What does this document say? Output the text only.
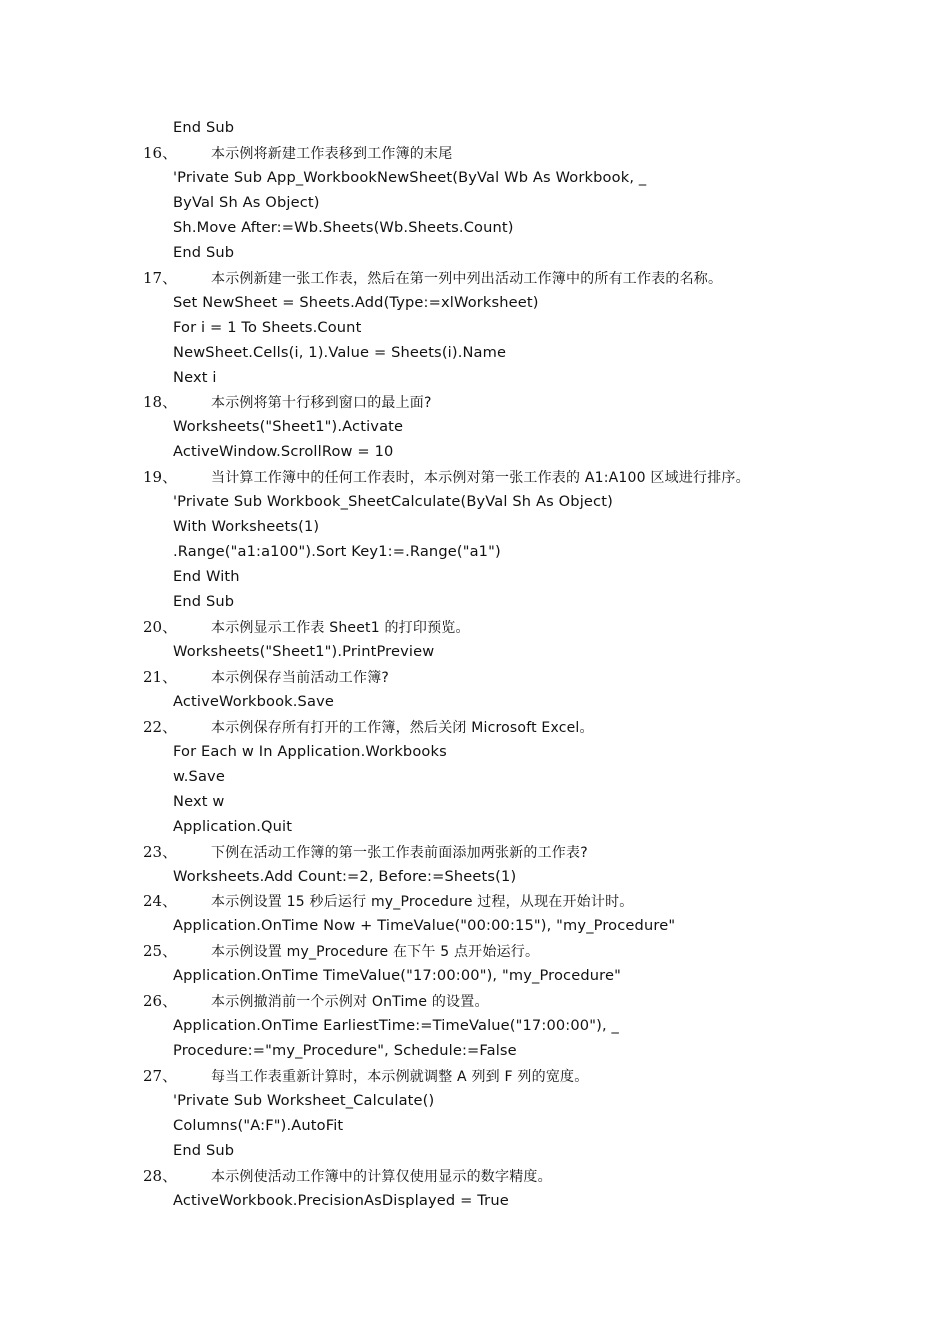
End Sub
16、 本示例将新建工作表移到工作簿的末尾
'Private Sub App_WorkbookNewSheet(ByVal Wb As Workbook, _
ByVal Sh As Object)
Sh.Move After:=Wb.Sheets(Wb.Sheets.Count)
End Sub
17、 本示例新建一张工作表，然后在第一列中列出活动工作簿中的所有工作表的名称。
Set NewSheet = Sheets.Add(Type:=xlWorksheet)
For i = 1 To Sheets.Count
NewSheet.Cells(i, 1).Value = Sheets(i).Name
Next i
18、 本示例将第十行移到窗口的最上面?
Worksheets("Sheet1").Activate
ActiveWindow.ScrollRow = 10
19、 当计算工作簿中的任何工作表时，本示例对第一张工作表的 A1:A100 区域进行排序。
'Private Sub Workbook_SheetCalculate(ByVal Sh As Object)
With Worksheets(1)
.Range("a1:a100").Sort Key1:=.Range("a1")
End With
End Sub
20、 本示例显示工作表 Sheet1 的打印预览。
Worksheets("Sheet1").PrintPreview
21、 本示例保存当前活动工作簿?
ActiveWorkbook.Save
22、 本示例保存所有打开的工作簿，然后关闭 Microsoft Excel。
For Each w In Application.Workbooks
w.Save
Next w
Application.Quit
23、 下例在活动工作簿的第一张工作表前面添加两张新的工作表?
Worksheets.Add Count:=2, Before:=Sheets(1)
24、 本示例设置 15 秒后运行 my_Procedure 过程，从现在开始计时。
Application.OnTime Now + TimeValue("00:00:15"), "my_Procedure"
25、 本示例设置 my_Procedure 在下午 5 点开始运行。
Application.OnTime TimeValue("17:00:00"), "my_Procedure"
26、 本示例撤消前一个示例对 OnTime 的设置。
Application.OnTime EarliestTime:=TimeValue("17:00:00"), _
Procedure:="my_Procedure", Schedule:=False
27、 每当工作表重新计算时，本示例就调整 A 列到 F 列的宽度。
'Private Sub Worksheet_Calculate()
Columns("A:F").AutoFit
End Sub
28、 本示例使活动工作簿中的计算仅使用显示的数字精度。
ActiveWorkbook.PrecisionAsDisplayed = True
